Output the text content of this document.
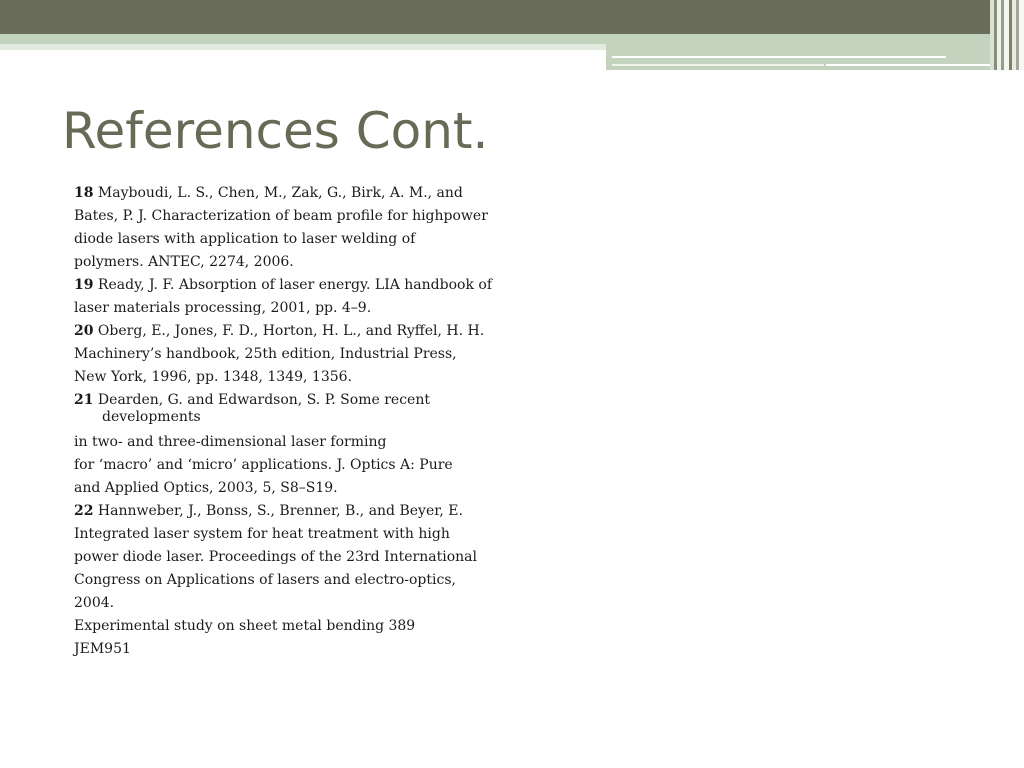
References Cont.
18 Mayboudi, L. S., Chen, M., Zak, G., Birk, A. M., and
Bates, P. J. Characterization of beam profile for highpower
diode lasers with application to laser welding of
polymers. ANTEC, 2274, 2006.
19 Ready, J. F. Absorption of laser energy. LIA handbook of
laser materials processing, 2001, pp. 4–9.
20 Oberg, E., Jones, F. D., Horton, H. L., and Ryffel, H. H.
Machinery’s handbook, 25th edition, Industrial Press,
New York, 1996, pp. 1348, 1349, 1356.
21 Dearden, G. and Edwardson, S. P. Some recent
developments
in two- and three-dimensional laser forming
for ‘macro’ and ‘micro’ applications. J. Optics A: Pure
and Applied Optics, 2003, 5, S8–S19.
22 Hannweber, J., Bonss, S., Brenner, B., and Beyer, E.
Integrated laser system for heat treatment with high
power diode laser. Proceedings of the 23rd International
Congress on Applications of lasers and electro-optics,
2004.
Experimental study on sheet metal bending 389
JEM951
